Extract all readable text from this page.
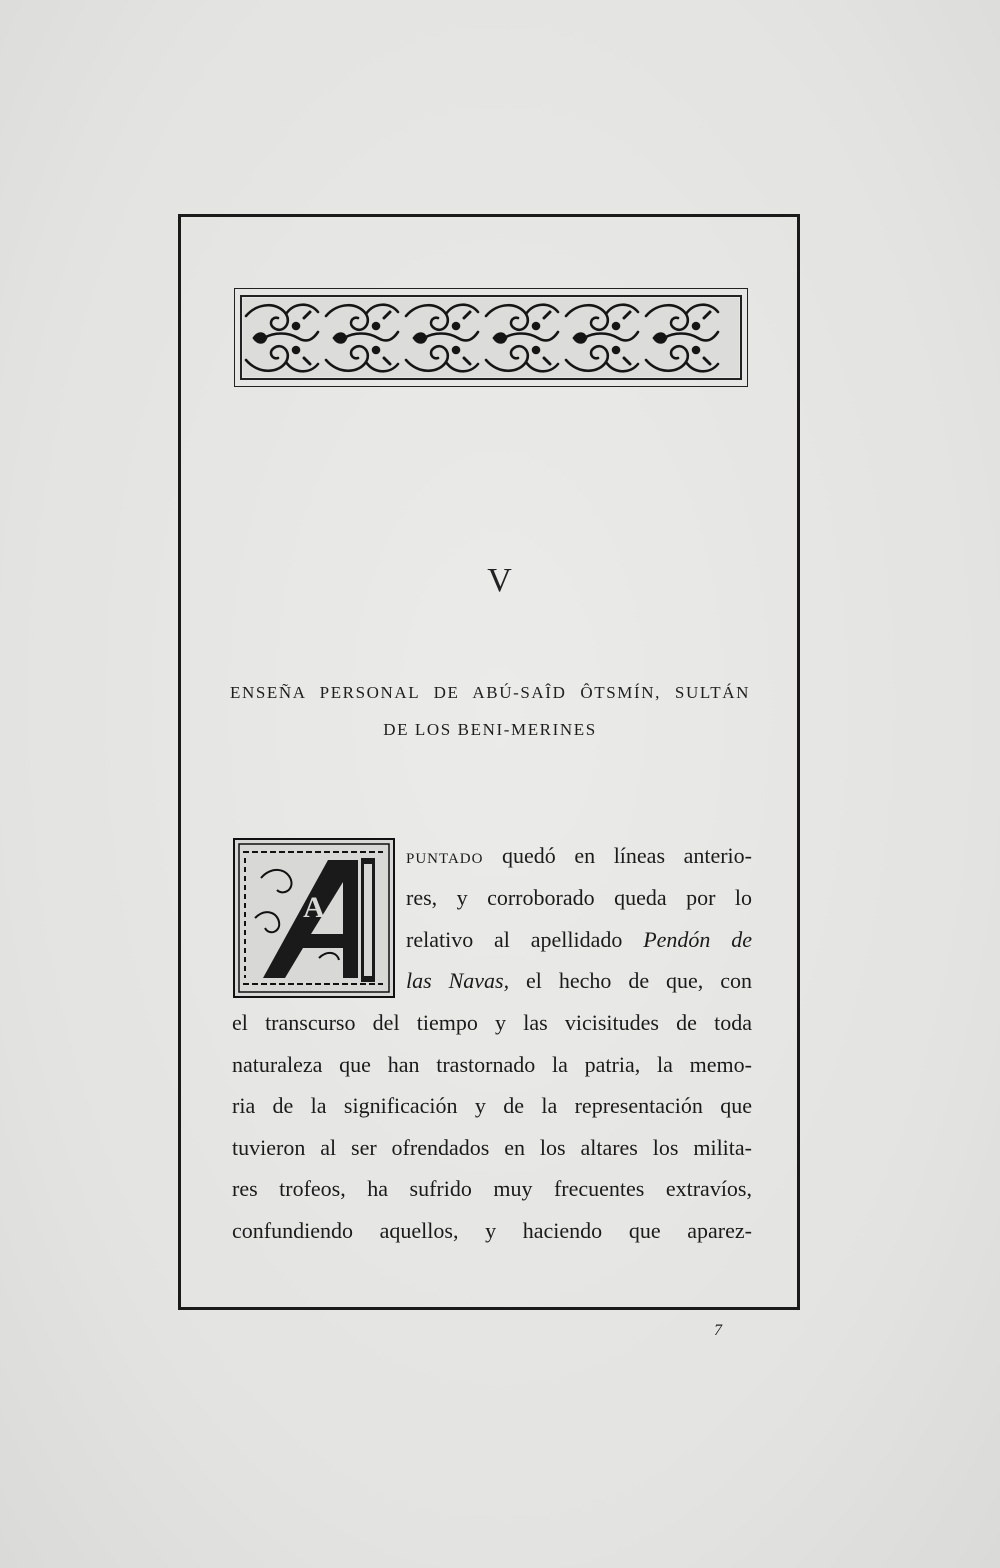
V
ENSEÑA PERSONAL DE ABÚ-SAÎD ÔTSMÍN, SULTÁN
DE LOS BENI-MERINES
A
puntado quedó en líneas anterio-
res, y corroborado queda por lo
relativo al apellidado Pendón de
las Navas, el hecho de que, con
el transcurso del tiempo y las vicisitudes de toda
naturaleza que han trastornado la patria, la memo-
ria de la significación y de la representación que
tuvieron al ser ofrendados en los altares los milita-
res trofeos, ha sufrido muy frecuentes extravíos,
confundiendo aquellos, y haciendo que aparez-
7
